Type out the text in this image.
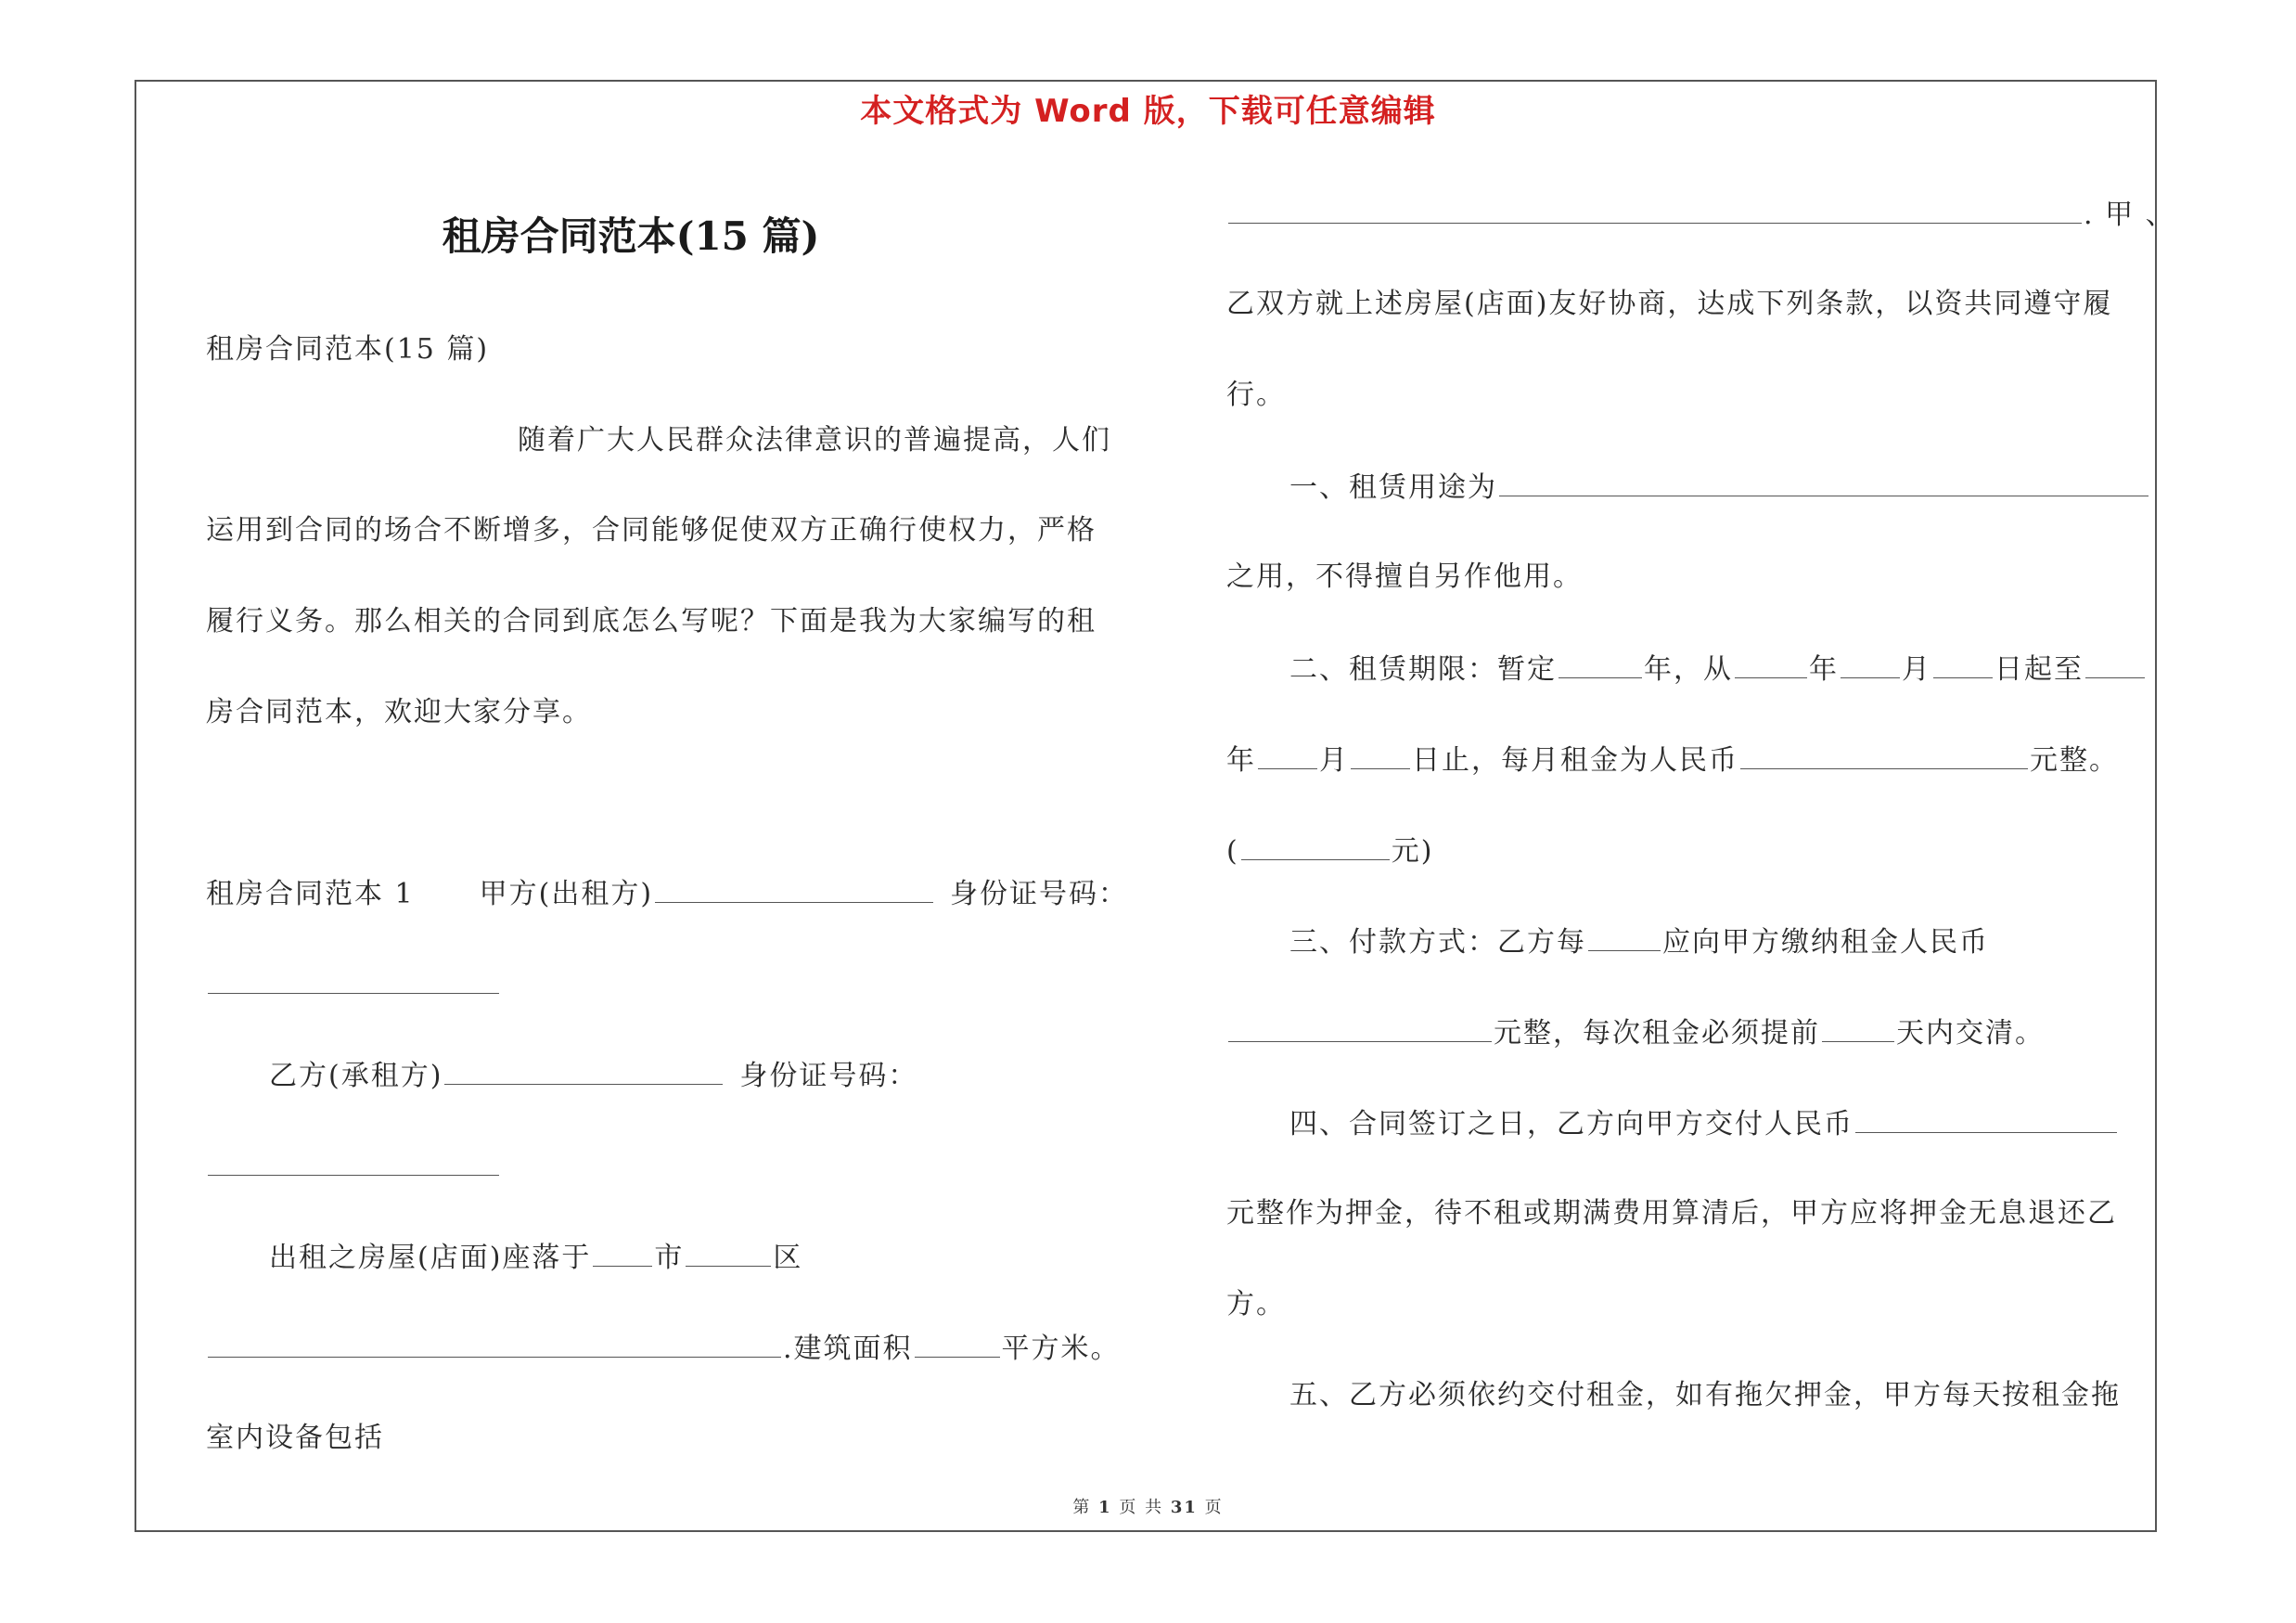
本文格式为 Word 版，下载可任意编辑
租房合同范本(15 篇)
租房合同范本(15 篇)
随着广大人民群众法律意识的普遍提高，人们
运用到合同的场合不断增多，合同能够促使双方正确行使权力，严格
履行义务。那么相关的合同到底怎么写呢？下面是我为大家编写的租
房合同范本，欢迎大家分享。
租房合同范本 1 甲方(出租方)	身份证号码：
乙方(承租方)	身份证号码：
出租之房屋(店面)座落于 市	区
.建筑面积	平方米。
室内设备包括
. 甲 、
乙双方就上述房屋(店面)友好协商，达成下列条款，以资共同遵守履
行。
一、租赁用途为
之用，不得擅自另作他用。
二、租赁期限：暂定	年，从	年 月 日起至
年 月 日止，每月租金为人民币	元整。
(	元)
三、付款方式：乙方每	应向甲方缴纳租金人民币
元整，每次租金必须提前	天内交清。
四、合同签订之日，乙方向甲方交付人民币
元整作为押金，待不租或期满费用算清后，甲方应将押金无息退还乙
方。
五、乙方必须依约交付租金，如有拖欠押金，甲方每天按租金拖
第 1 页 共 31 页
